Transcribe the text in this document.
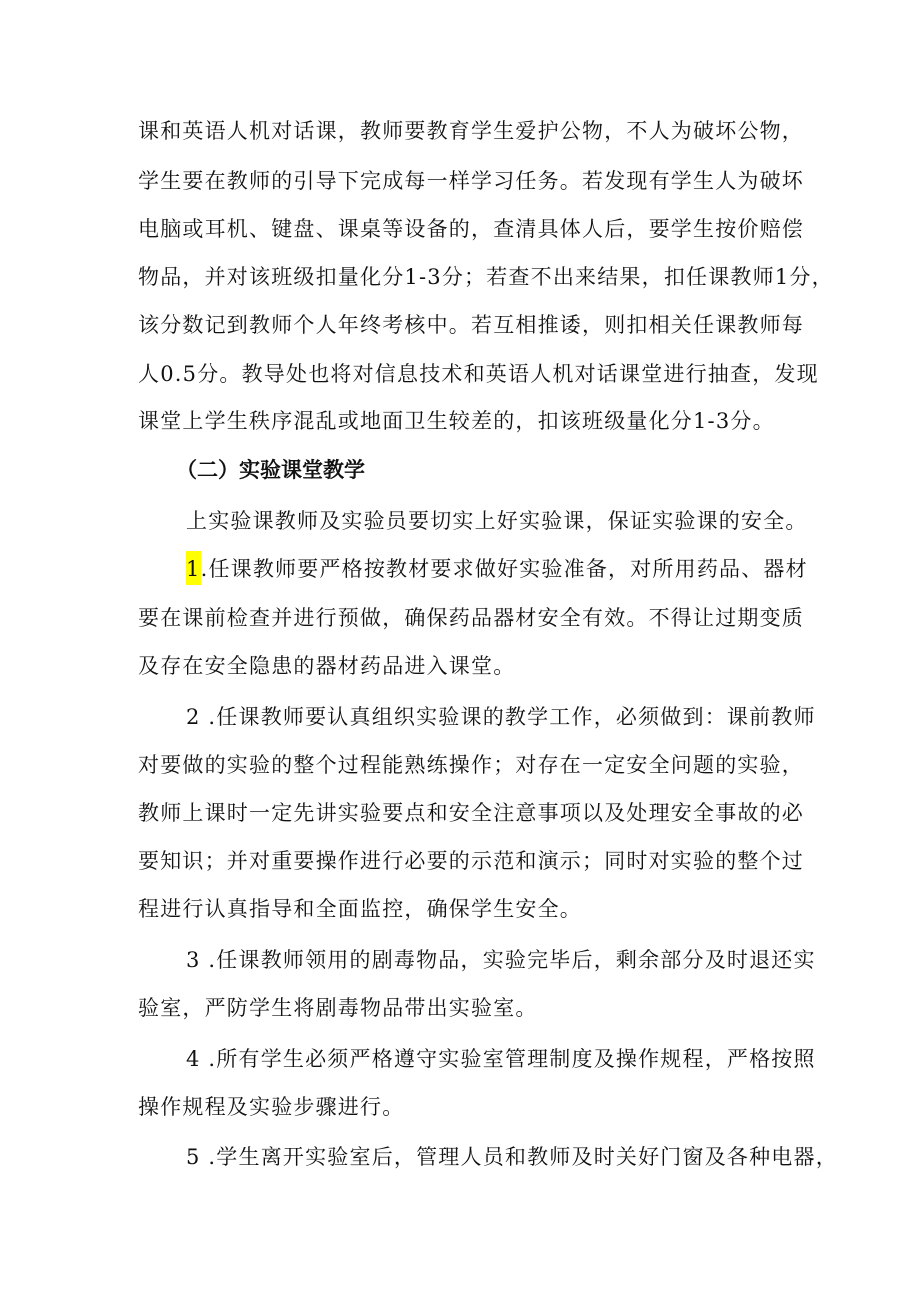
课和英语人机对话课，教师要教育学生爱护公物，不人为破坏公物，
学生要在教师的引导下完成每一样学习任务。若发现有学生人为破坏
电脑或耳机、键盘、课桌等设备的，查清具体人后，要学生按价赔偿
物品，并对该班级扣量化分1-3分；若查不出来结果，扣任课教师1分，
该分数记到教师个人年终考核中。若互相推诿，则扣相关任课教师每
人0.5分。教导处也将对信息技术和英语人机对话课堂进行抽查，发现
课堂上学生秩序混乱或地面卫生较差的，扣该班级量化分1-3分。
（二）实验课堂教学
上实验课教师及实验员要切实上好实验课，保证实验课的安全。
1.任课教师要严格按教材要求做好实验准备，对所用药品、器材
要在课前检查并进行预做，确保药品器材安全有效。不得让过期变质
及存在安全隐患的器材药品进入课堂。
2 .任课教师要认真组织实验课的教学工作，必须做到：课前教师
对要做的实验的整个过程能熟练操作；对存在一定安全问题的实验，
教师上课时一定先讲实验要点和安全注意事项以及处理安全事故的必
要知识；并对重要操作进行必要的示范和演示；同时对实验的整个过
程进行认真指导和全面监控，确保学生安全。
3 .任课教师领用的剧毒物品，实验完毕后，剩余部分及时退还实
验室，严防学生将剧毒物品带出实验室。
4 .所有学生必须严格遵守实验室管理制度及操作规程，严格按照
操作规程及实验步骤进行。
5 .学生离开实验室后，管理人员和教师及时关好门窗及各种电器，
